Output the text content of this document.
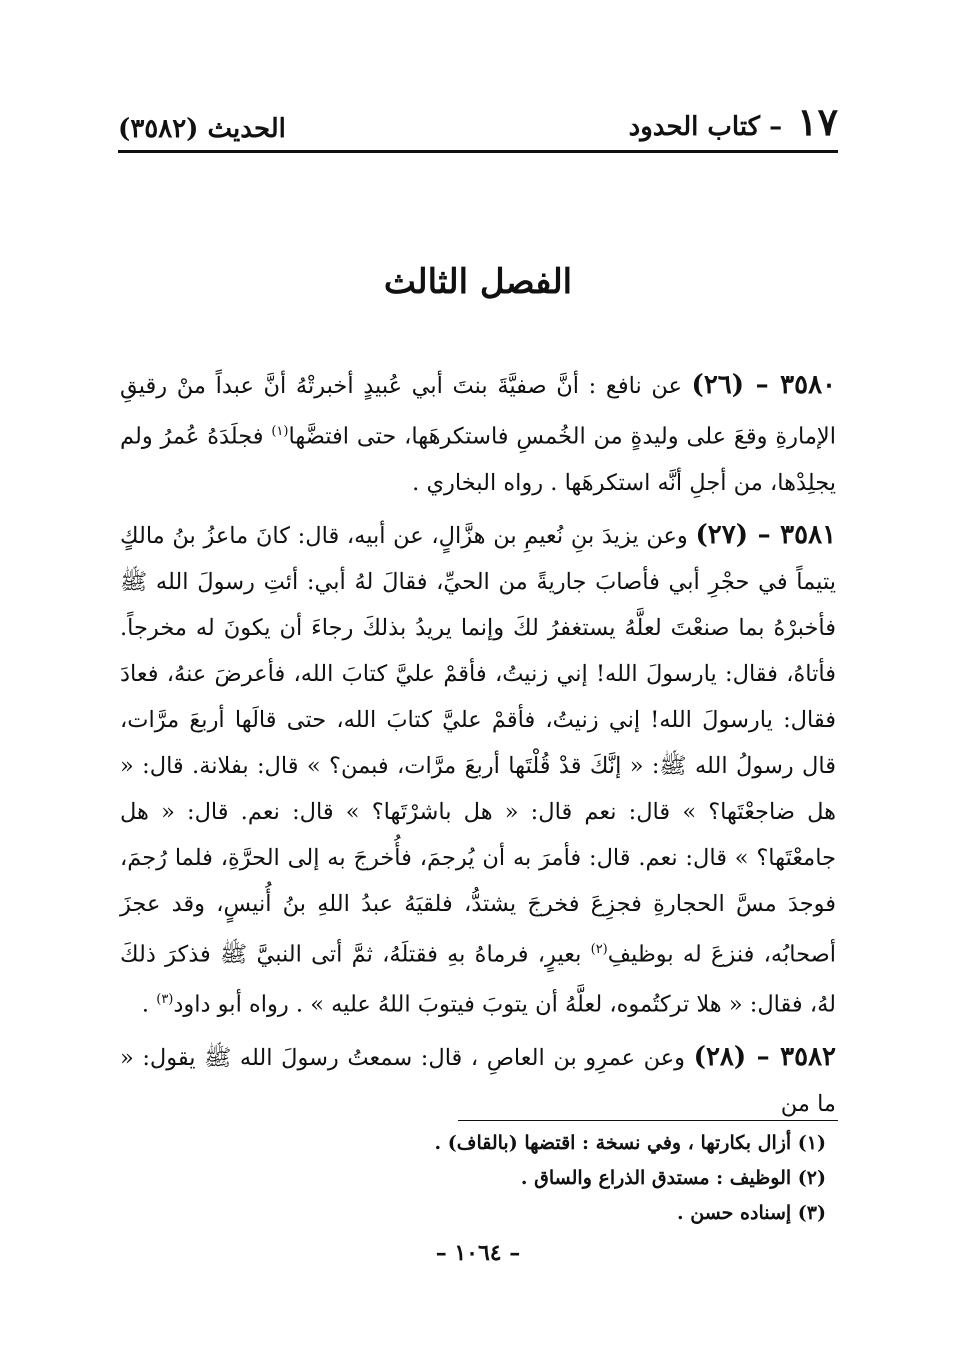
١٧ – كتاب الحدود
الحديث (٣٥٨٢)
الفصل الثالث

٣٥٨٠ – (٢٦) عن نافع : أنَّ صفيَّةَ بنتَ أبي عُبيدٍ أخبرتْهُ أنَّ عبداً منْ رقيقِ الإمارةِ وقعَ على وليدةٍ من الخُمسِ فاستكرهَها، حتى افتضَّها$^{(١)}$ فجلَدَهُ عُمرُ ولم يجلِدْها، من أجلِ أنَّه استكرهَها . رواه البخاري .

٣٥٨١ – (٢٧) وعن يزيدَ بنِ نُعيمِ بن هزَّالٍ، عن أبيه، قال: كانَ ماعزُ بنُ مالكٍ يتيماً في حجْرِ أبي فأصابَ جاريةً من الحيِّ، فقالَ لهُ أبي: أئتِ رسولَ الله ﷺ فأخبرْهُ بما صنعْتَ لعلَّهُ يستغفرُ لكَ وإنما يريدُ بذلكَ رجاءَ أن يكونَ له مخرجاً. فأتاهُ، فقال: يارسولَ الله! إني زنيتُ، فأقمْ عليَّ كتابَ الله، فأعرضَ عنهُ، فعادَ فقال: يارسولَ الله! إني زنيتُ، فأقمْ عليَّ كتابَ الله، حتى قالَها أربعَ مرَّات، قال رسولُ الله ﷺ: « إنَّكَ قدْ قُلْتَها أربعَ مرَّات، فبمن؟ » قال: بفلانة. قال: « هل ضاجعْتَها؟ » قال: نعم قال: « هل باشرْتَها؟ » قال: نعم. قال: « هل جامعْتَها؟ » قال: نعم. قال: فأمرَ به أن يُرجمَ، فأُخرجَ به إلى الحرَّةِ، فلما رُجمَ، فوجدَ مسَّ الحجارةِ فجزِعَ فخرجَ يشتدُّ، فلقيَهُ عبدُ اللهِ بنُ أُنيسٍ، وقد عجزَ أصحابُه، فنزعَ له بوظيفِ$^{(٢)}$ بعيرٍ، فرماهُ بهِ فقتلَهُ، ثمَّ أتى النبيَّ ﷺ فذكرَ ذلكَ لهُ، فقال: « هلا تركتُموه، لعلَّهُ أن يتوبَ فيتوبَ اللهُ عليه » . رواه أبو داود$^{(٣)}$ .

٣٥٨٢ – (٢٨) وعن عمرِو بن العاصِ ، قال: سمعتُ رسولَ الله ﷺ يقول: « ما من

(١) أزال بكارتها ، وفي نسخة : اقتضها (بالقاف) .
(٢) الوظيف : مستدق الذراع والساق .
(٣) إسناده حسن .
– ١٠٦٤ –
